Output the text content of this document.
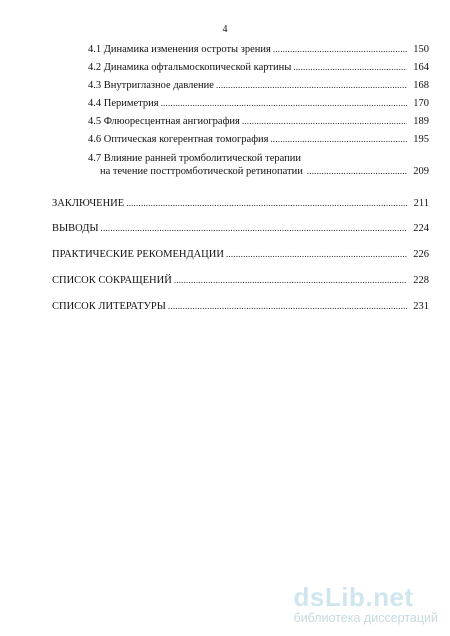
4
4.1 Динамика изменения остроты зрения .....	150
4.2 Динамика офтальмоскопической картины .....	164
4.3 Внутриглазное давление .....	168
4.4 Периметрия .....	170
4.5 Флюоресцентная ангиография .....	189
4.6 Оптическая когерентная томография .....	195
4.7 Влияние ранней тромболитической терапии
на течение посттромботической ретинопатии .....	209
ЗАКЛЮЧЕНИЕ .....	211
ВЫВОДЫ .....	224
ПРАКТИЧЕСКИЕ РЕКОМЕНДАЦИИ .....	226
СПИСОК СОКРАЩЕНИЙ .....	228
СПИСОК ЛИТЕРАТУРЫ .....	231
dsLib.net
библиотека диссертаций
